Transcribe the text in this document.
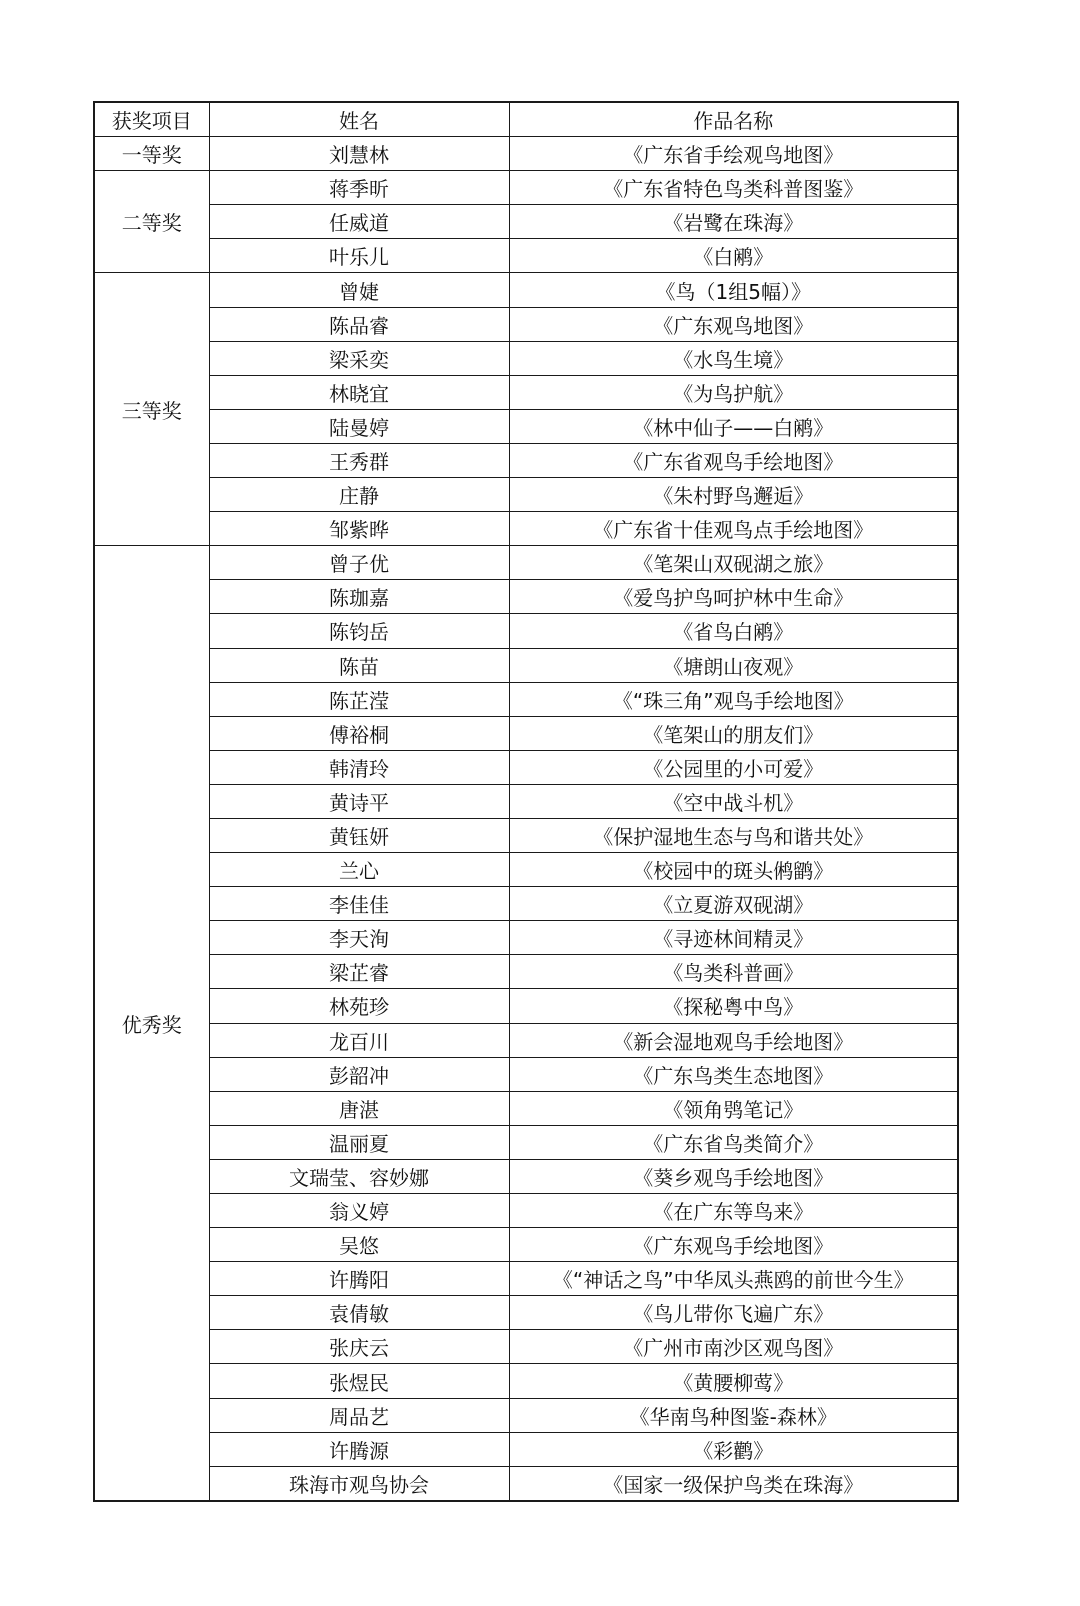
获奖项目	姓名	作品名称
一等奖	刘慧林	《广东省手绘观鸟地图》
二等奖	蒋季昕	《广东省特色鸟类科普图鉴》
	任威道	《岩鹭在珠海》
	叶乐儿	《白鹇》
三等奖	曾婕	《鸟（1组5幅）》
	陈品睿	《广东观鸟地图》
	梁采奕	《水鸟生境》
	林晓宜	《为鸟护航》
	陆曼婷	《林中仙子——白鹇》
	王秀群	《广东省观鸟手绘地图》
	庄静	《朱村野鸟邂逅》
	邹紫晔	《广东省十佳观鸟点手绘地图》
优秀奖	曾子优	《笔架山双砚湖之旅》
	陈珈嘉	《爱鸟护鸟呵护林中生命》
	陈钧岳	《省鸟白鹇》
	陈苗	《塘朗山夜观》
	陈芷滢	《“珠三角”观鸟手绘地图》
	傅裕桐	《笔架山的朋友们》
	韩清玲	《公园里的小可爱》
	黄诗平	《空中战斗机》
	黄钰妍	《保护湿地生态与鸟和谐共处》
	兰心	《校园中的斑头鸺鹠》
	李佳佳	《立夏游双砚湖》
	李天洵	《寻迹林间精灵》
	梁芷睿	《鸟类科普画》
	林苑珍	《探秘粤中鸟》
	龙百川	《新会湿地观鸟手绘地图》
	彭韶冲	《广东鸟类生态地图》
	唐湛	《领角鸮笔记》
	温丽夏	《广东省鸟类简介》
	文瑞莹、容妙娜	《葵乡观鸟手绘地图》
	翁义婷	《在广东等鸟来》
	吴悠	《广东观鸟手绘地图》
	许腾阳	《“神话之鸟”中华凤头燕鸥的前世今生》
	袁倩敏	《鸟儿带你飞遍广东》
	张庆云	《广州市南沙区观鸟图》
	张煜民	《黄腰柳莺》
	周品艺	《华南鸟种图鉴-森林》
	许腾源	《彩鹳》
	珠海市观鸟协会	《国家一级保护鸟类在珠海》
